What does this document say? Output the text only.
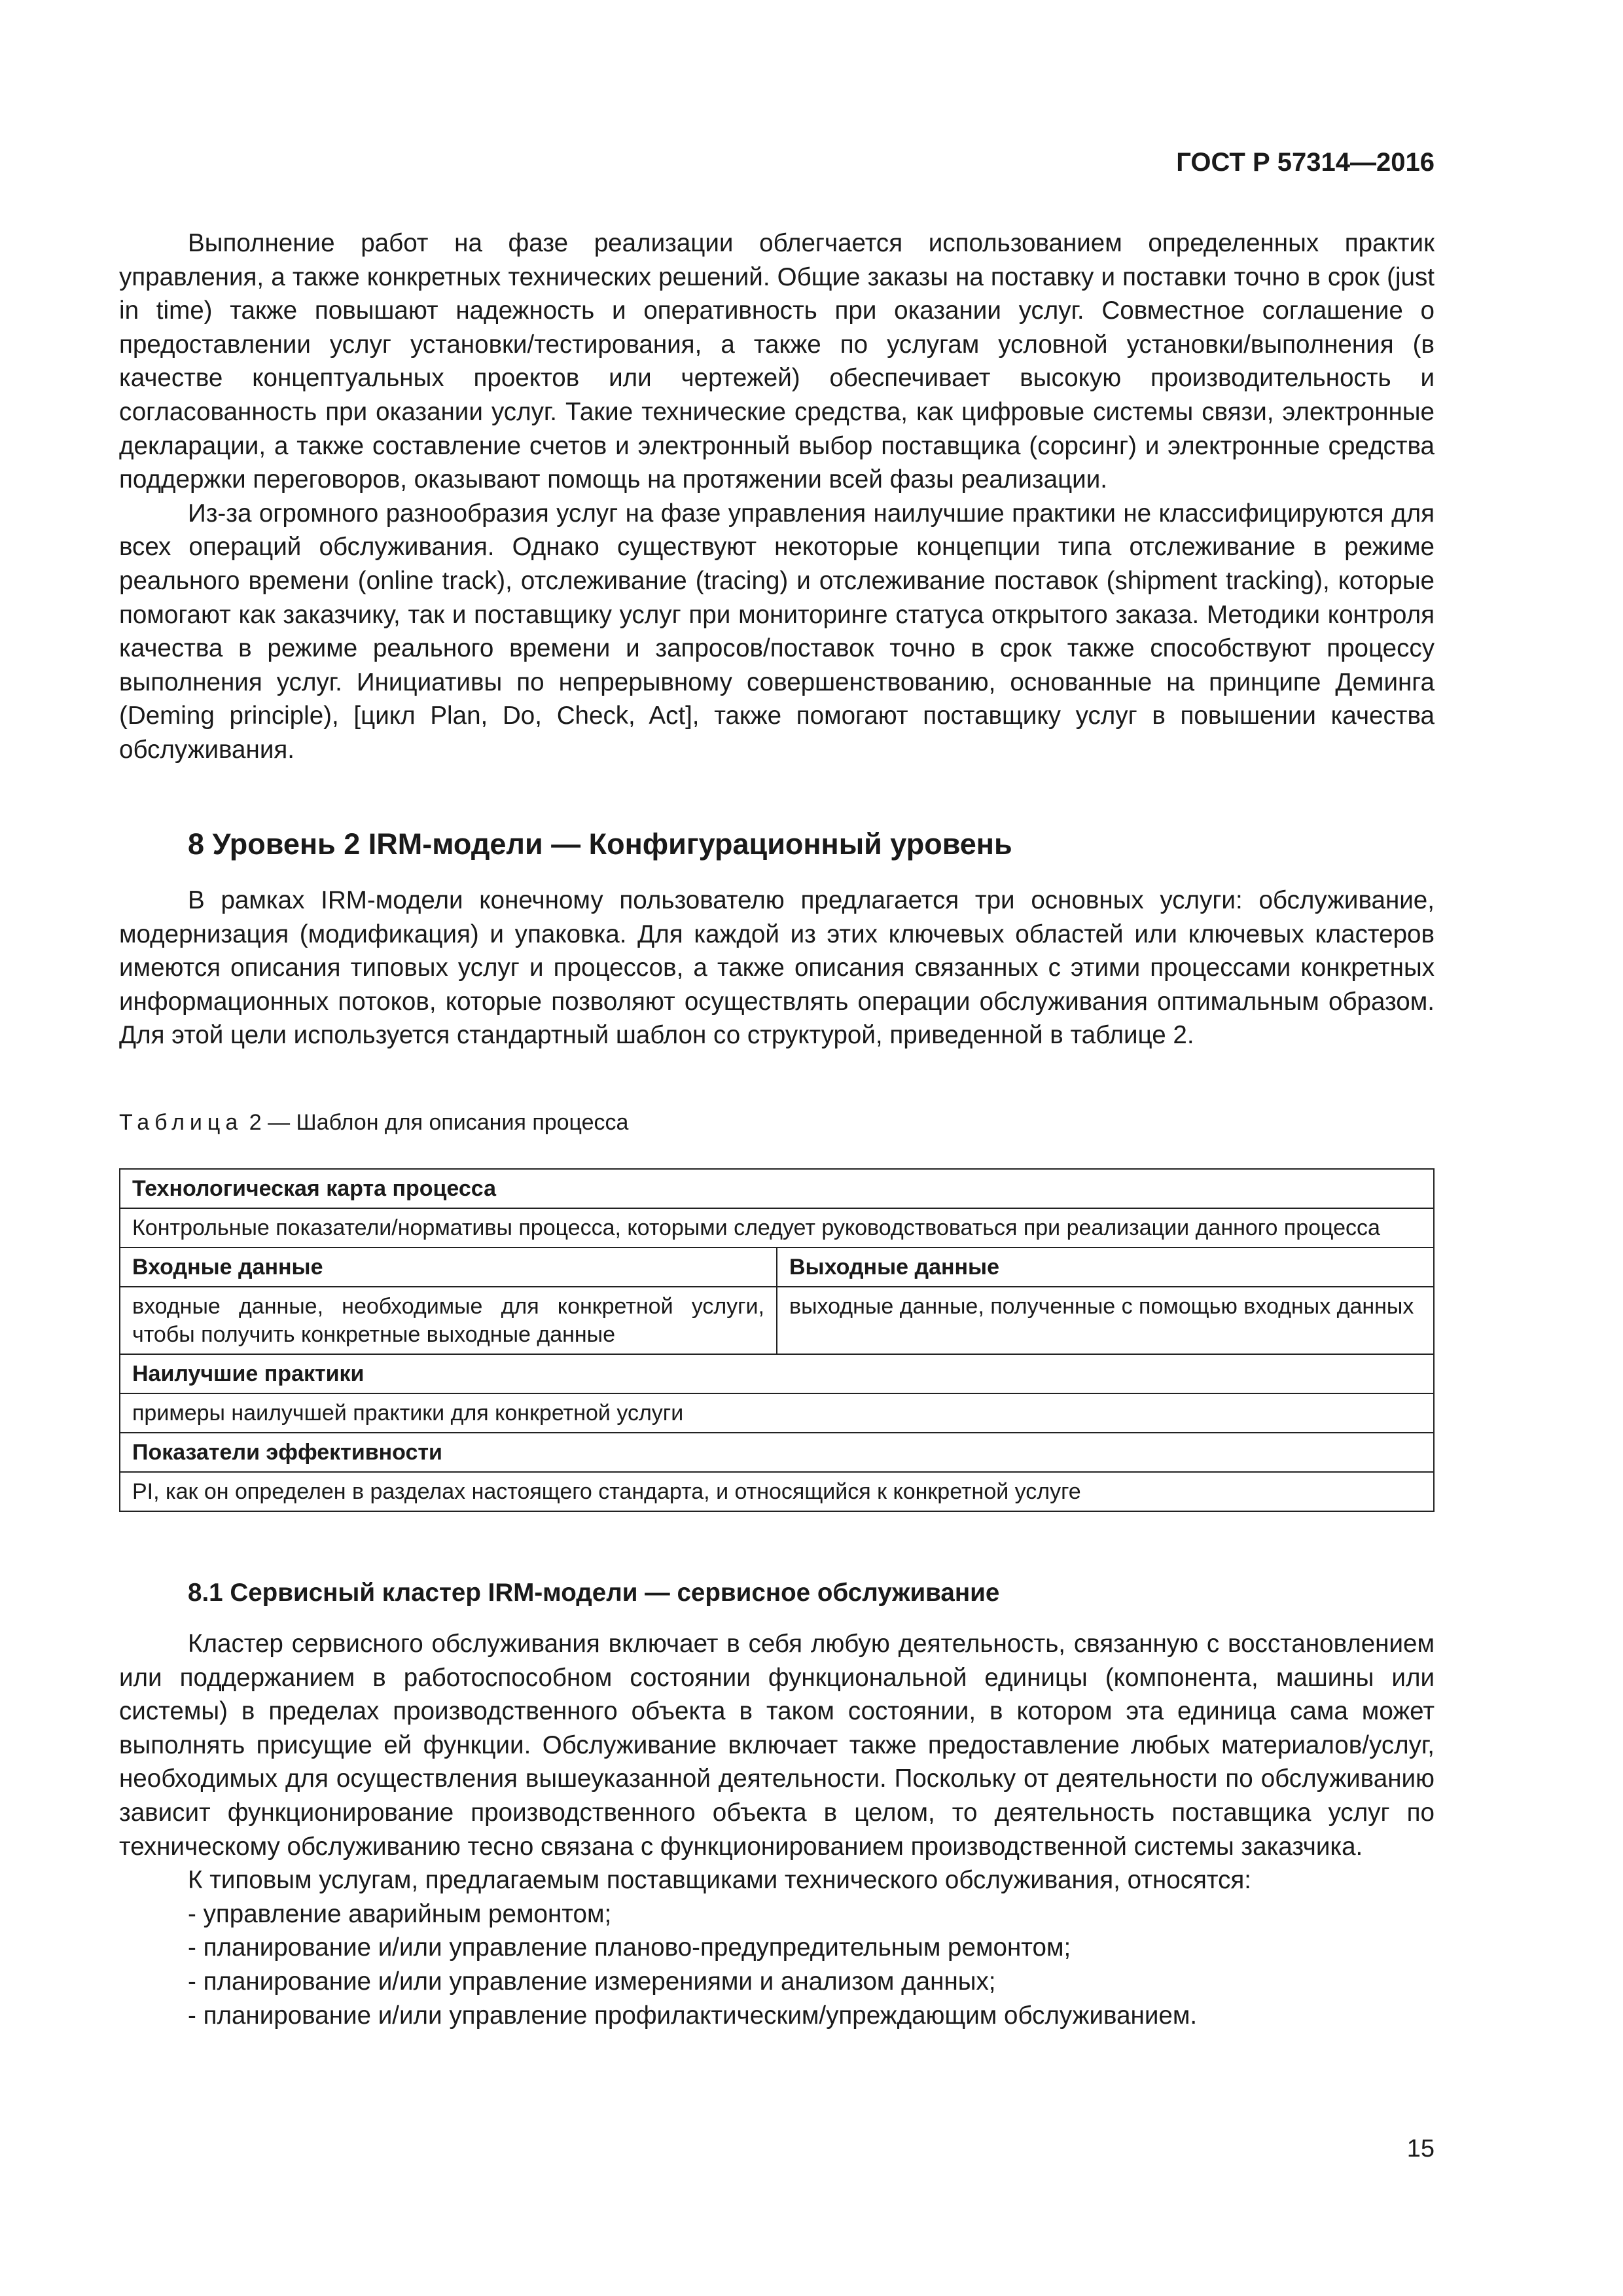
ГОСТ Р 57314—2016

Выполнение работ на фазе реализации облегчается использованием определенных практик управления, а также конкретных технических решений. Общие заказы на поставку и поставки точно в срок (just in time) также повышают надежность и оперативность при оказании услуг. Совместное соглашение о предоставлении услуг установки/тестирования, а также по услугам условной установки/выполнения (в качестве концептуальных проектов или чертежей) обеспечивает высокую производительность и согласованность при оказании услуг. Такие технические средства, как цифровые системы связи, электронные декларации, а также составление счетов и электронный выбор поставщика (сорсинг) и электронные средства поддержки переговоров, оказывают помощь на протяжении всей фазы реализации.

Из-за огромного разнообразия услуг на фазе управления наилучшие практики не классифицируются для всех операций обслуживания. Однако существуют некоторые концепции типа отслеживание в режиме реального времени (online track), отслеживание (tracing) и отслеживание поставок (shipment tracking), которые помогают как заказчику, так и поставщику услуг при мониторинге статуса открытого заказа. Методики контроля качества в режиме реального времени и запросов/поставок точно в срок также способствуют процессу выполнения услуг. Инициативы по непрерывному совершенствованию, основанные на принципе Деминга (Deming principle), [цикл Plan, Do, Check, Act], также помогают поставщику услуг в повышении качества обслуживания.

8 Уровень 2 IRM-модели — Конфигурационный уровень

В рамках IRM-модели конечному пользователю предлагается три основных услуги: обслуживание, модернизация (модификация) и упаковка. Для каждой из этих ключевых областей или ключевых кластеров имеются описания типовых услуг и процессов, а также описания связанных с этими процессами конкретных информационных потоков, которые позволяют осуществлять операции обслуживания оптимальным образом. Для этой цели используется стандартный шаблон со структурой, приведенной в таблице 2.

Таблица 2 — Шаблон для описания процесса
Технологическая карта процесса	
Контрольные показатели/нормативы процесса, которыми следует руководствоваться при реализации данного процесса	
Входные данные	Выходные данные
входные данные, необходимые для конкретной услуги, чтобы получить конкретные выходные данные	выходные данные, полученные с помощью входных данных
Наилучшие практики	
примеры наилучшей практики для конкретной услуги	
Показатели эффективности	
PI, как он определен в разделах настоящего стандарта, и относящийся к конкретной услуге	
8.1 Сервисный кластер IRM-модели — сервисное обслуживание

Кластер сервисного обслуживания включает в себя любую деятельность, связанную с восстановлением или поддержанием в работоспособном состоянии функциональной единицы (компонента, машины или системы) в пределах производственного объекта в таком состоянии, в котором эта единица сама может выполнять присущие ей функции. Обслуживание включает также предоставление любых материалов/услуг, необходимых для осуществления вышеуказанной деятельности. Поскольку от деятельности по обслуживанию зависит функционирование производственного объекта в целом, то деятельность поставщика услуг по техническому обслуживанию тесно связана с функционированием производственной системы заказчика.

К типовым услугам, предлагаемым поставщиками технического обслуживания, относятся:

- управление аварийным ремонтом;
- планирование и/или управление планово-предупредительным ремонтом;
- планирование и/или управление измерениями и анализом данных;
- планирование и/или управление профилактическим/упреждающим обслуживанием.
15
